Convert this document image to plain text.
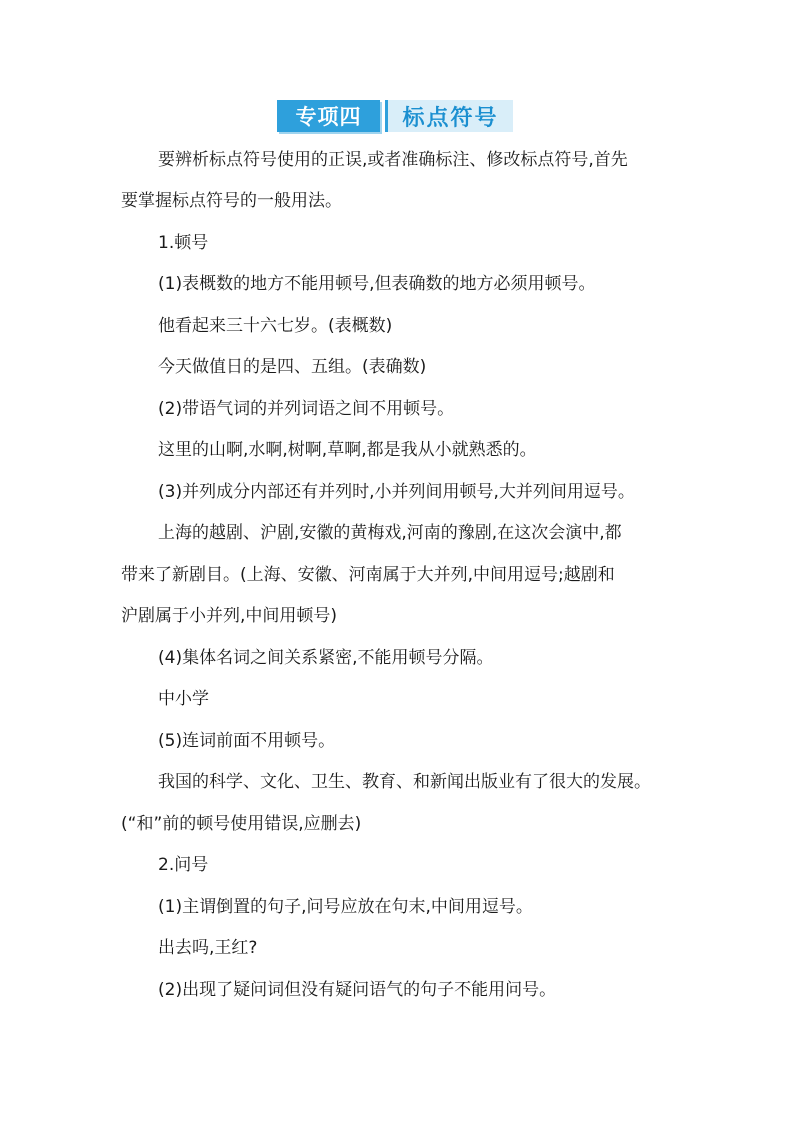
专项四	标点符号
要辨析标点符号使用的正误,或者准确标注、修改标点符号,首先
要掌握标点符号的一般用法。
1.顿号
(1)表概数的地方不能用顿号,但表确数的地方必须用顿号。
他看起来三十六七岁。(表概数)
今天做值日的是四、五组。(表确数)
(2)带语气词的并列词语之间不用顿号。
这里的山啊,水啊,树啊,草啊,都是我从小就熟悉的。
(3)并列成分内部还有并列时,小并列间用顿号,大并列间用逗号。
上海的越剧、沪剧,安徽的黄梅戏,河南的豫剧,在这次会演中,都
带来了新剧目。(上海、安徽、河南属于大并列,中间用逗号;越剧和
沪剧属于小并列,中间用顿号)
(4)集体名词之间关系紧密,不能用顿号分隔。
中小学
(5)连词前面不用顿号。
我国的科学、文化、卫生、教育、和新闻出版业有了很大的发展。
(“和”前的顿号使用错误,应删去)
2.问号
(1)主谓倒置的句子,问号应放在句末,中间用逗号。
出去吗,王红?
(2)出现了疑问词但没有疑问语气的句子不能用问号。
